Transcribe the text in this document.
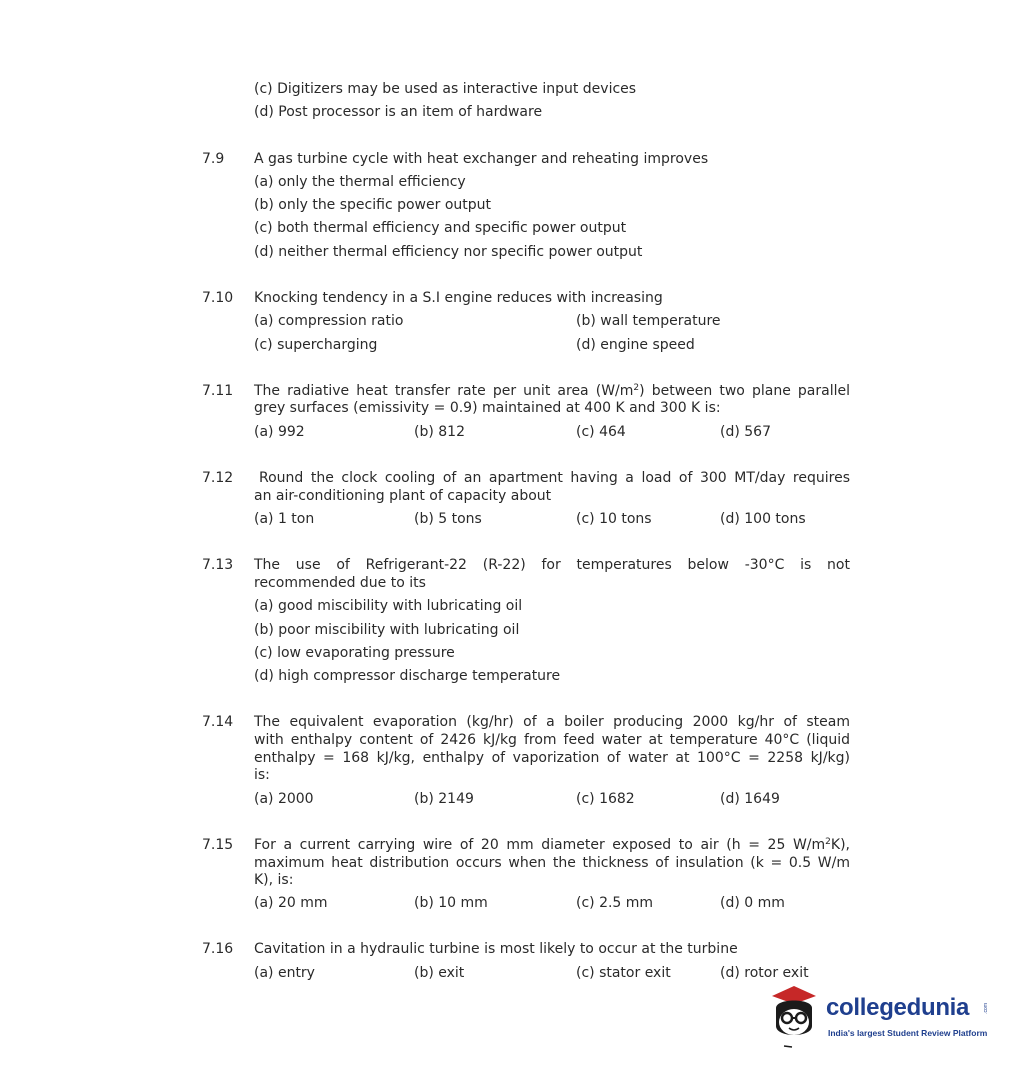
(c) Digitizers may be used as interactive input devices
(d) Post processor is an item of hardware
7.9 A gas turbine cycle with heat exchanger and reheating improves
(a) only the thermal efficiency
(b) only the specific power output
(c) both thermal efficiency and specific power output
(d) neither thermal efficiency nor specific power output
7.10 Knocking tendency in a S.I engine reduces with increasing
(a) compression ratio	(b) wall temperature
(c) supercharging	(d) engine speed
7.11 The radiative heat transfer rate per unit area $(W/m^2)$ between two plane parallel
grey surfaces (emissivity = 0.9) maintained at 400 K and 300 K is:
(a) 992	(b) 812	(c) 464	(d) 567
7.12 Round the clock cooling of an apartment having a load of 300 MT/day requires
an air-conditioning plant of capacity about
(a) 1 ton	(b) 5 tons	(c) 10 tons	(d) 100 tons
7.13 The use of Refrigerant-22 (R-22) for temperatures below -30°C is not
recommended due to its
(a) good miscibility with lubricating oil
(b) poor miscibility with lubricating oil
(c) low evaporating pressure
(d) high compressor discharge temperature
7.14 The equivalent evaporation (kg/hr) of a boiler producing 2000 kg/hr of steam
with enthalpy content of 2426 kJ/kg from feed water at temperature 40°C (liquid
enthalpy = 168 kJ/kg, enthalpy of vaporization of water at 100°C = 2258 kJ/kg)
is:
(a) 2000	(b) 2149	(c) 1682	(d) 1649
7.15 For a current carrying wire of 20 mm diameter exposed to air (h = 25 $W/m^2K$),
maximum heat distribution occurs when the thickness of insulation (k = 0.5 W/m
K), is:
(a) 20 mm	(b) 10 mm	(c) 2.5 mm	(d) 0 mm
7.16 Cavitation in a hydraulic turbine is most likely to occur at the turbine
(a) entry	(b) exit	(c) stator exit	(d) rotor exit
collegedunia	.com
India's largest Student Review Platform
